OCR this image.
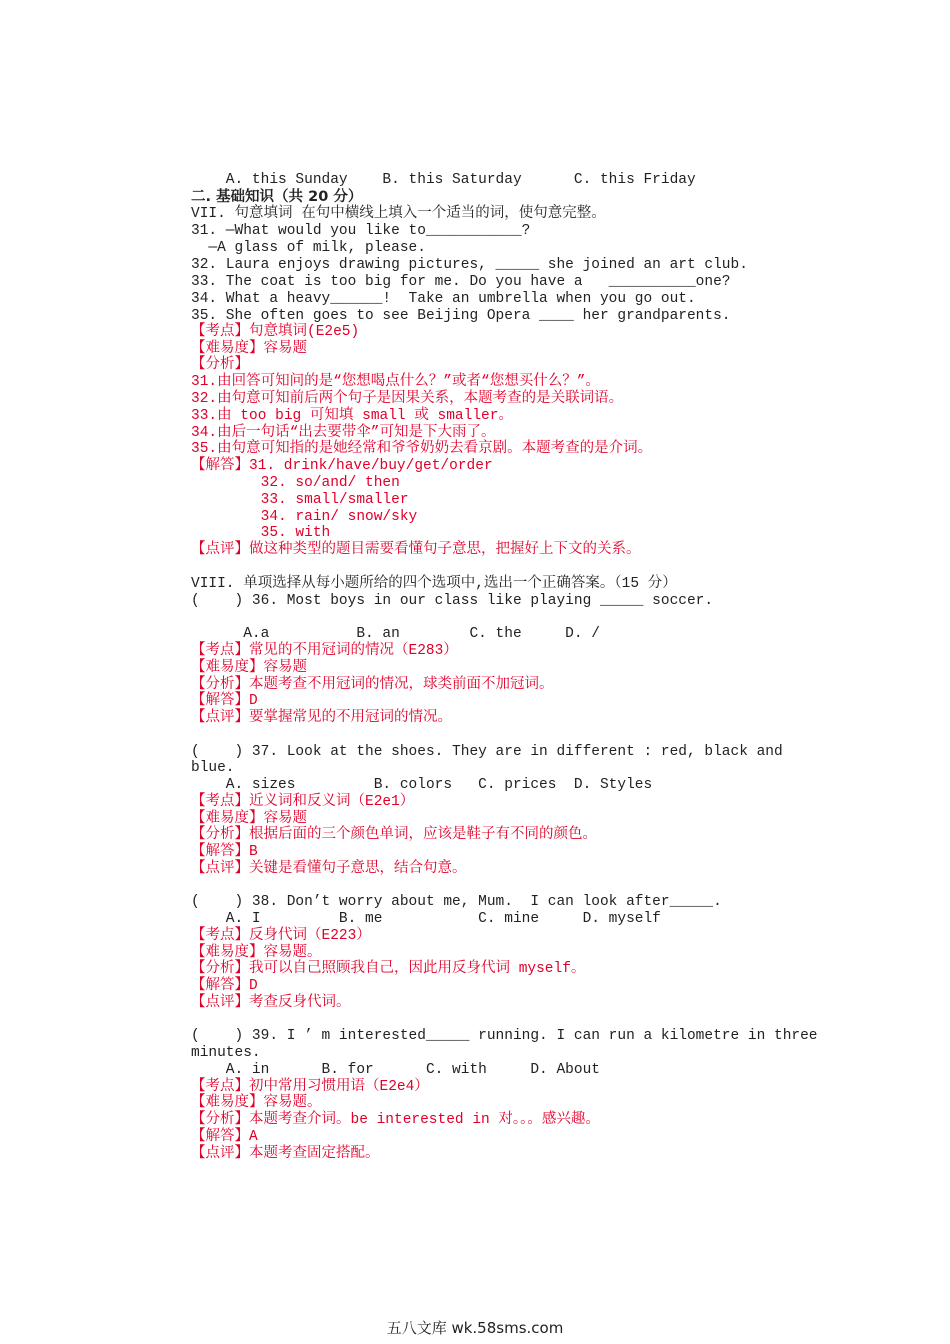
A. this Sunday    B. this Saturday      C. this Friday
二. 基础知识（共 20 分）
VII. 句意填词 在句中横线上填入一个适当的词，使句意完整。
31. —What would you like to___________?
—A glass of milk, please.
32. Laura enjoys drawing pictures, _____ she joined an art club.
33. The coat is too big for me. Do you have a   __________one?
34. What a heavy______!  Take an umbrella when you go out.
35. She often goes to see Beijing Opera ____ her grandparents.
【考点】句意填词(E2e5)
【难易度】容易题
【分析】
31.由回答可知问的是“您想喝点什么？”或者“您想买什么？”。
32.由句意可知前后两个句子是因果关系，本题考查的是关联词语。
33.由 too big 可知填 small 或 smaller。
34.由后一句话“出去要带伞”可知是下大雨了。
35.由句意可知指的是她经常和爷爷奶奶去看京剧。本题考查的是介词。
【解答】31. drink/have/buy/get/order
32. so/and/ then
33. small/smaller
34. rain/ snow/sky
35. with
【点评】做这种类型的题目需要看懂句子意思，把握好上下文的关系。
VIII. 单项选择从每小题所给的四个选项中,选出一个正确答案。（15 分）
(    ) 36. Most boys in our class like playing _____ soccer.
A.a          B. an        C. the     D. /
【考点】常见的不用冠词的情况（E283）
【难易度】容易题
【分析】本题考查不用冠词的情况，球类前面不加冠词。
【解答】D
【点评】要掌握常见的不用冠词的情况。
(    ) 37. Look at the shoes. They are in different : red, black and
blue.
A. sizes         B. colors   C. prices  D. Styles
【考点】近义词和反义词（E2e1）
【难易度】容易题
【分析】根据后面的三个颜色单词，应该是鞋子有不同的颜色。
【解答】B
【点评】关键是看懂句子意思，结合句意。
(    ) 38. Don’t worry about me, Mum.  I can look after_____.
A. I         B. me           C. mine     D. myself
【考点】反身代词（E223）
【难易度】容易题。
【分析】我可以自己照顾我自己，因此用反身代词 myself。
【解答】D
【点评】考查反身代词。
(    ) 39. I ’ m interested_____ running. I can run a kilometre in three
minutes.
A. in      B. for      C. with     D. About
【考点】初中常用习惯用语（E2e4）
【难易度】容易题。
【分析】本题考查介词。be interested in 对。。。感兴趣。
【解答】A
【点评】本题考查固定搭配。
五八文库 wk.58sms.com
